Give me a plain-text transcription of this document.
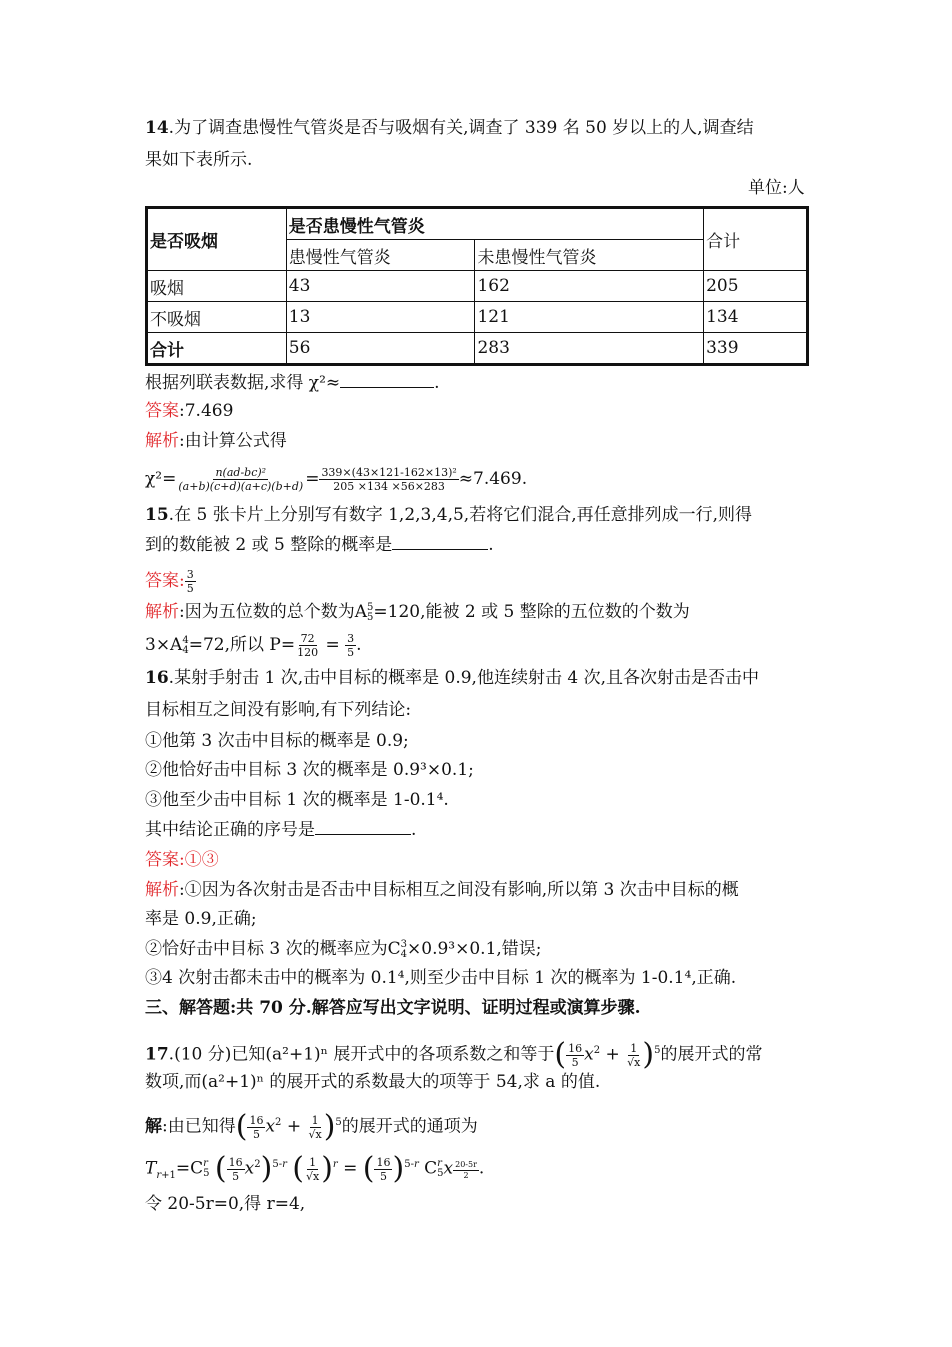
14.为了调查患慢性气管炎是否与吸烟有关,调查了 339 名 50 岁以上的人,调查结
果如下表所示.
单位:人
是否吸烟	是否患慢性气管炎		合计
	患慢性气管炎	未患慢性气管炎	
吸烟	43	162	205
不吸烟	13	121	134
合计	56	283	339
根据列联表数据,求得 χ²≈	.
答案:7.469
解析:由计算公式得
$\chi^2= \frac{\text{n(ad-bc)²}}{(a+b)(c+d)(a+c)(b+d)} = \frac{\text{339×(43×121-162×13)²}}{205 \times 134 \times 56\times 283} \approx 7.469$.
15.在 5 张卡片上分别写有数字 1,2,3,4,5,若将它们混合,再任意排列成一行,则得
到的数能被 2 或 5 整除的概率是	.
答案: $\frac{3}{5}$
解析:因为五位数的总个数为A 5
5 =120,能被 2 或 5 整除的五位数的个数为
3×A 4
4 =72,所以 $P= \frac{72}{120} = \frac{3}{5}$ .
16.某射手射击 1 次,击中目标的概率是 0.9,他连续射击 4 次,且各次射击是否击中
目标相互之间没有影响,有下列结论:
①他第 3 次击中目标的概率是 0.9;
②他恰好击中目标 3 次的概率是 0.9³×0.1;
③他至少击中目标 1 次的概率是 1-0.1⁴.
其中结论正确的序号是	.
答案:①③
解析:①因为各次射击是否击中目标相互之间没有影响,所以第 3 次击中目标的概
率是 0.9,正确;
②恰好击中目标 3 次的概率应为C 3
4 ×0.9³×0.1,错误;
③4 次射击都未击中的概率为 0.1⁴,则至少击中目标 1 次的概率为 1-0.1⁴,正确.
三、解答题:共 70 分.解答应写出文字说明、证明过程或演算步骤.
17.(10 分)已知(a²+1)ⁿ 展开式中的各项系数之和等于( $\frac{16}{5} x^2 + \frac{1}{√x} )^5$的展开式的常
数项,而(a²+1)ⁿ 的展开式的系数最大的项等于 54,求 a 的值.
解:由已知得( $\frac{16}{5} x^2 + \frac{1}{√x} )^5$的展开式的通项为
$T_{r+1}=C$ r
5 ( $\frac{16}{5} x^2)^{5-r}$ ( $\frac{1}{√x} )^r$ = ( $\frac{16}{5} )^{5-r}$ C r
5 x $^{\frac{20-5r}{2}}$ .
令 20-5r=0,得 r=4,
